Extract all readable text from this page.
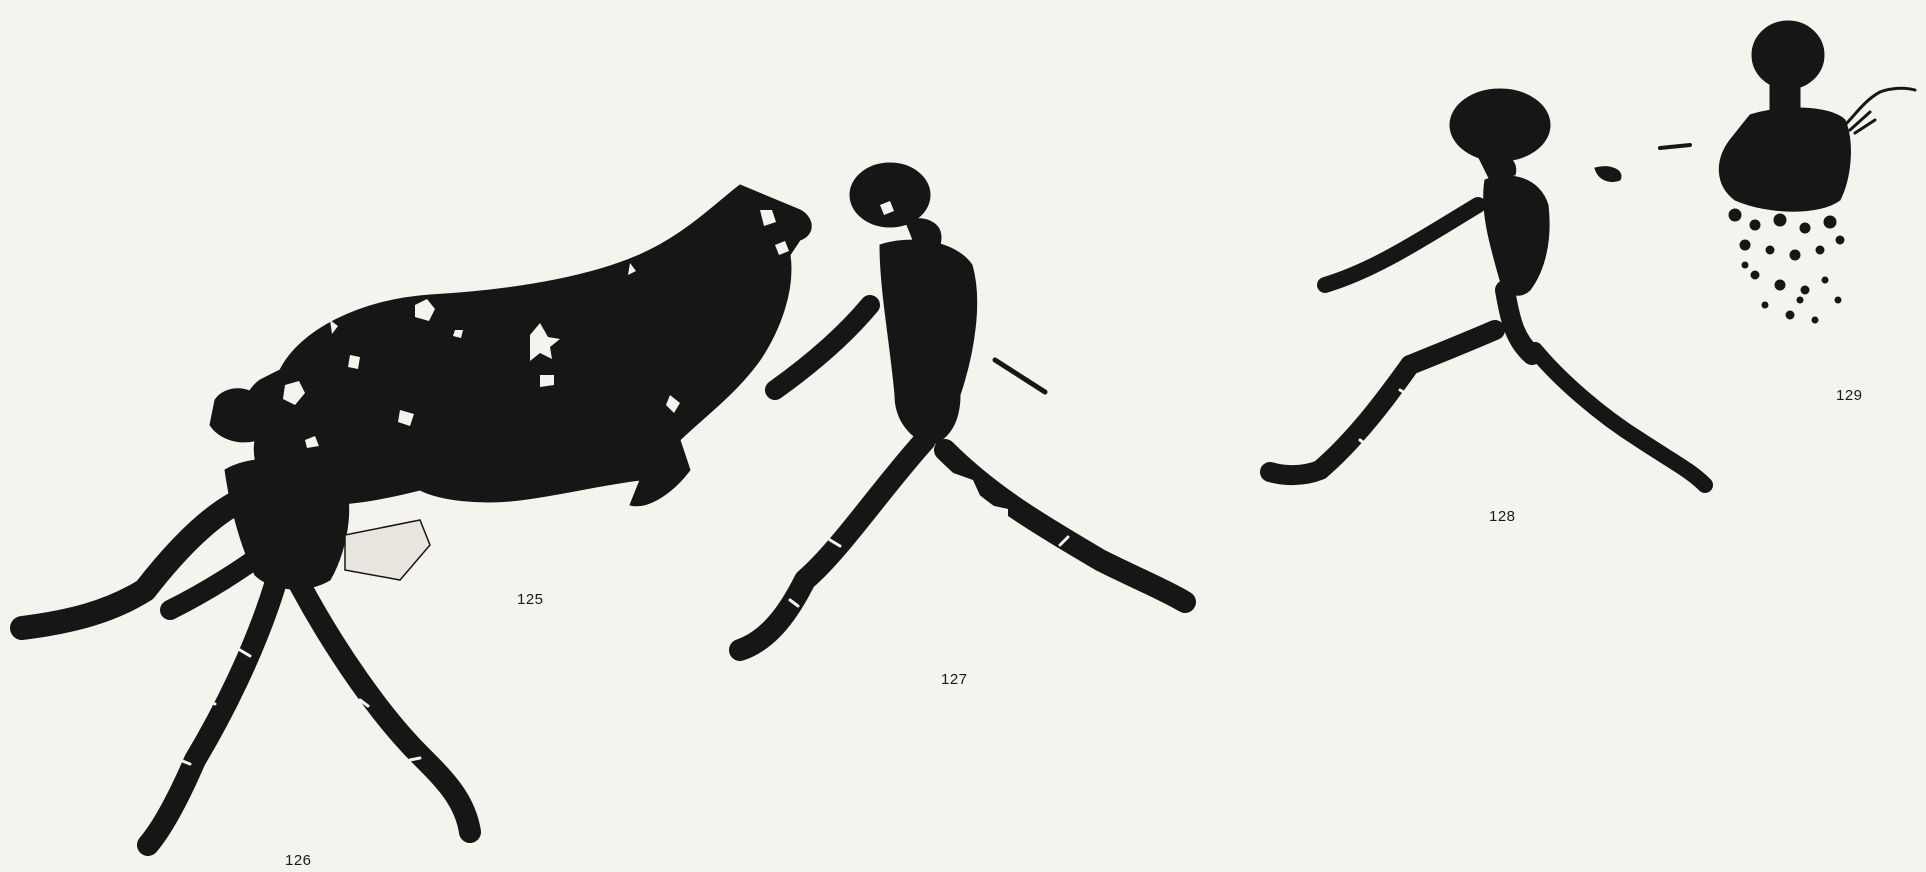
125
126
127
128
129
